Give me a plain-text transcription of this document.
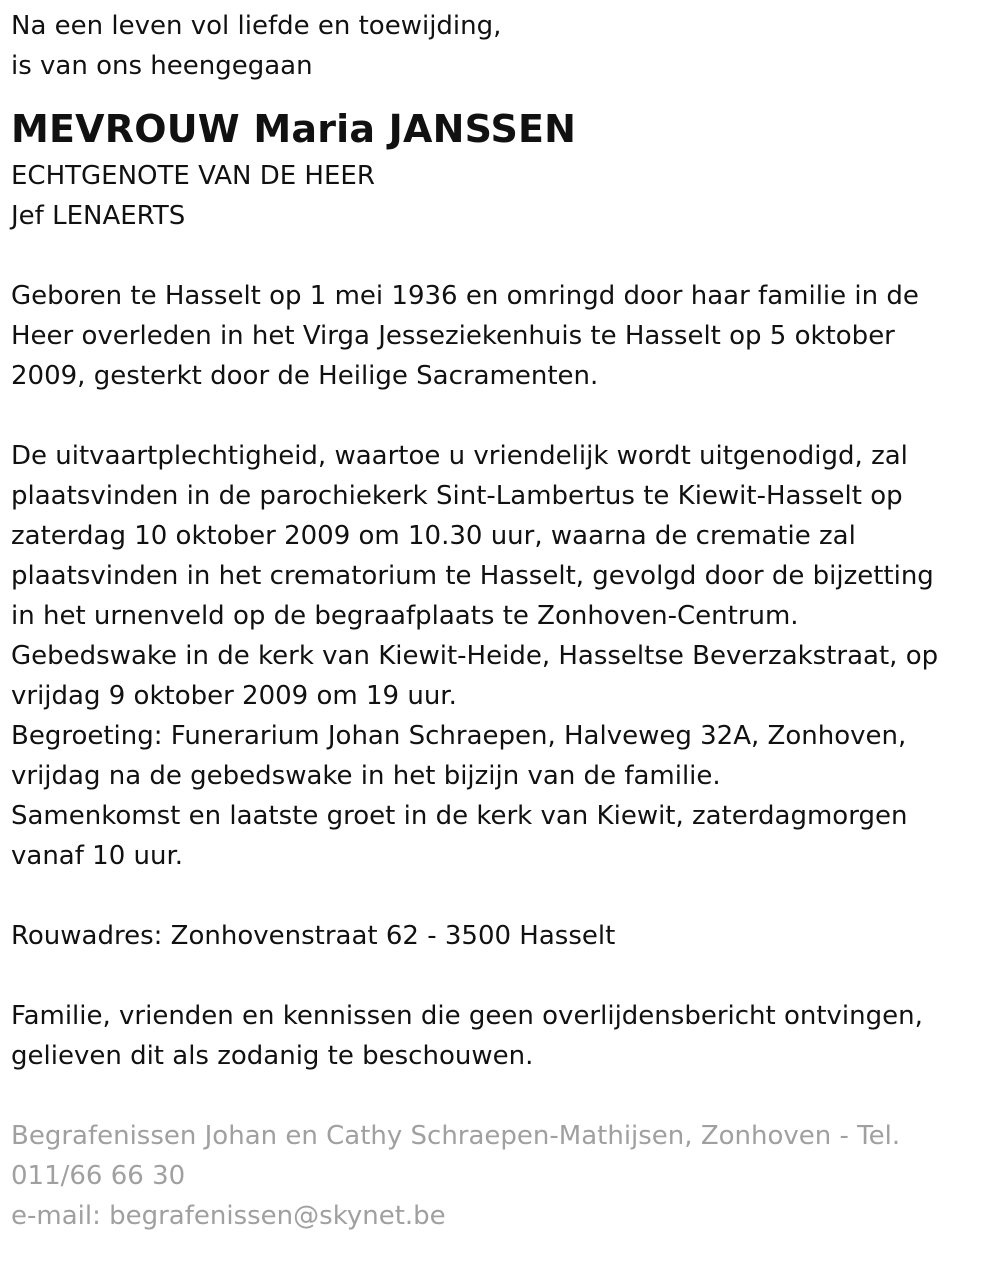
Na een leven vol liefde en toewijding,

is van ons heengegaan

MEVROUW Maria JANSSEN

ECHTGENOTE VAN DE HEER

Jef LENAERTS

Geboren te Hasselt op 1 mei 1936 en omringd door haar familie in de

Heer overleden in het Virga Jesseziekenhuis te Hasselt op 5 oktober

2009, gesterkt door de Heilige Sacramenten.

De uitvaartplechtigheid, waartoe u vriendelijk wordt uitgenodigd, zal

plaatsvinden in de parochiekerk Sint-Lambertus te Kiewit-Hasselt op

zaterdag 10 oktober 2009 om 10.30 uur, waarna de crematie zal

plaatsvinden in het crematorium te Hasselt, gevolgd door de bijzetting

in het urnenveld op de begraafplaats te Zonhoven-Centrum.

Gebedswake in de kerk van Kiewit-Heide, Hasseltse Beverzakstraat, op

vrijdag 9 oktober 2009 om 19 uur.

Begroeting: Funerarium Johan Schraepen, Halveweg 32A, Zonhoven,

vrijdag na de gebedswake in het bijzijn van de familie.

Samenkomst en laatste groet in de kerk van Kiewit, zaterdagmorgen

vanaf 10 uur.

Rouwadres: Zonhovenstraat 62 - 3500 Hasselt

Familie, vrienden en kennissen die geen overlijdensbericht ontvingen,

gelieven dit als zodanig te beschouwen.

Begrafenissen Johan en Cathy Schraepen-Mathijsen, Zonhoven - Tel.

011/66 66 30

e-mail: begrafenissen@skynet.be
